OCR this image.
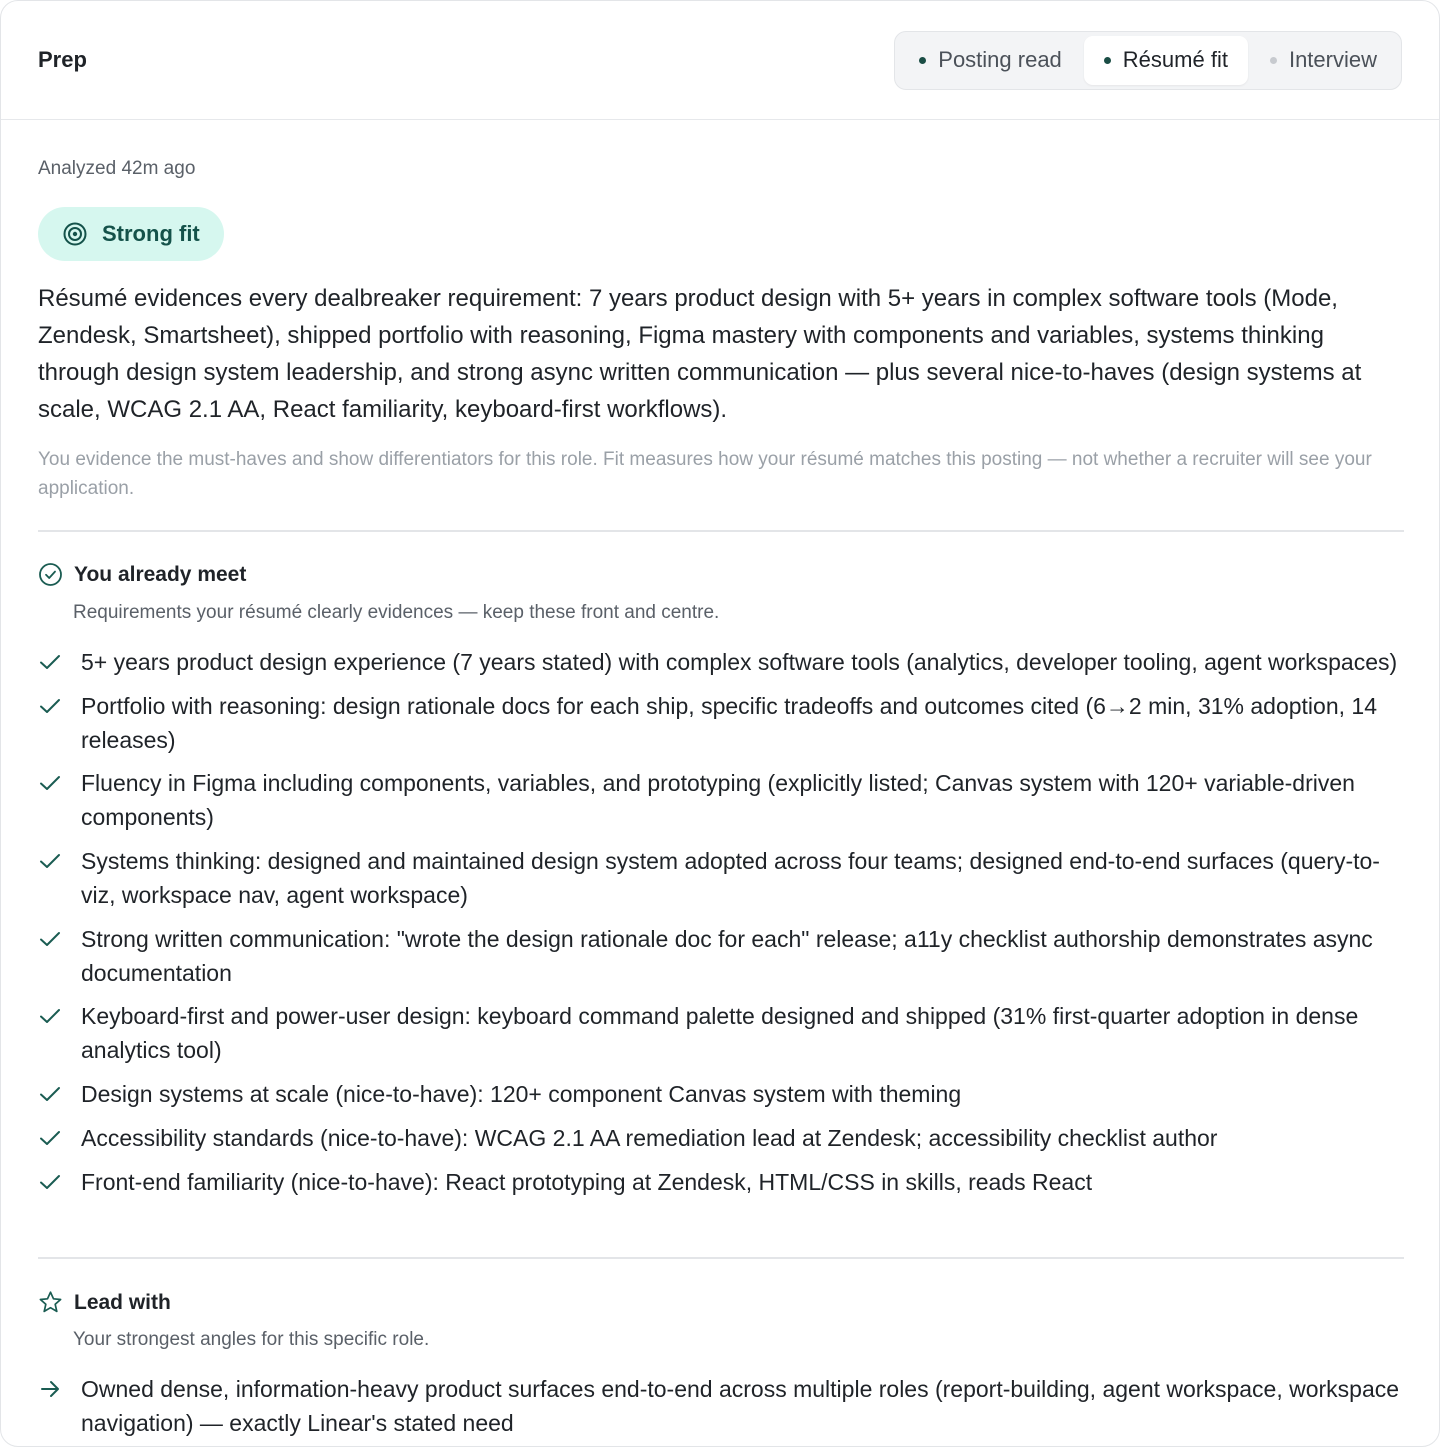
Prep	Posting read	Résumé fit	Interview
Analyzed 42m ago
Strong fit

Résumé evidences every dealbreaker requirement: 7 years product design with 5+ years in complex software tools (Mode, Zendesk, Smartsheet), shipped portfolio with reasoning, Figma mastery with components and variables, systems thinking through design system leadership, and strong async written communication — plus several nice-to-haves (design systems at scale, WCAG 2.1 AA, React familiarity, keyboard-first workflows).

You evidence the must-haves and show differentiators for this role. Fit measures how your résumé matches this posting — not whether a recruiter will see your application.

You already meet
Requirements your résumé clearly evidences — keep these front and centre.
5+ years product design experience (7 years stated) with complex software tools (analytics, developer tooling, agent workspaces)
Portfolio with reasoning: design rationale docs for each ship, specific tradeoffs and outcomes cited (6→2 min, 31% adoption, 14 releases)
Fluency in Figma including components, variables, and prototyping (explicitly listed; Canvas system with 120+ variable-driven components)
Systems thinking: designed and maintained design system adopted across four teams; designed end-to-end surfaces (query-to-viz, workspace nav, agent workspace)
Strong written communication: "wrote the design rationale doc for each" release; a11y checklist authorship demonstrates async documentation
Keyboard-first and power-user design: keyboard command palette designed and shipped (31% first-quarter adoption in dense analytics tool)
Design systems at scale (nice-to-have): 120+ component Canvas system with theming
Accessibility standards (nice-to-have): WCAG 2.1 AA remediation lead at Zendesk; accessibility checklist author
Front-end familiarity (nice-to-have): React prototyping at Zendesk, HTML/CSS in skills, reads React
Lead with
Your strongest angles for this specific role.
Owned dense, information-heavy product surfaces end-to-end across multiple roles (report-building, agent workspace, workspace navigation) — exactly Linear's stated need
